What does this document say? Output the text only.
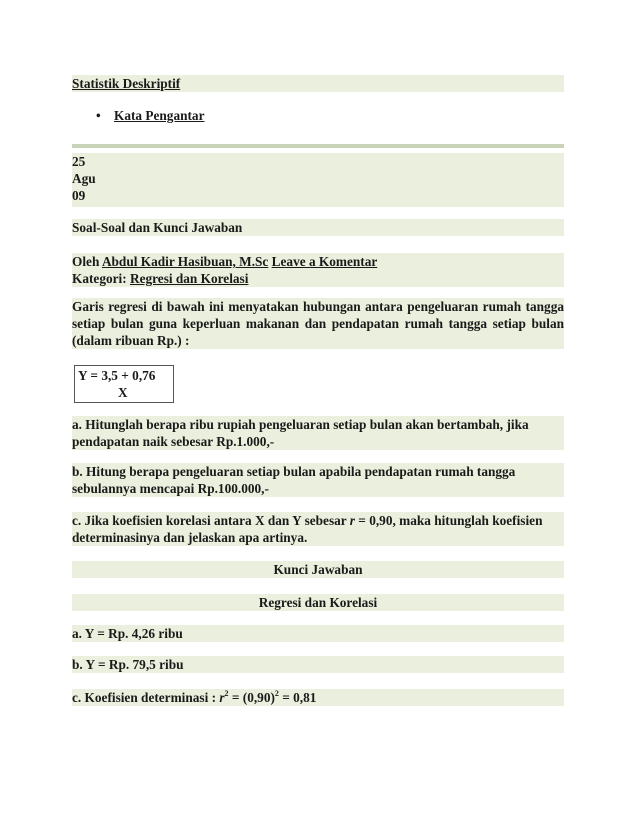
Statistik Deskriptif
• Kata Pengantar
25
Agu
09
Soal-Soal dan Kunci Jawaban
Oleh Abdul Kadir Hasibuan, M.Sc Leave a Komentar
Kategori: Regresi dan Korelasi
Garis regresi di bawah ini menyatakan hubungan antara pengeluaran rumah tangga setiap bulan guna keperluan makanan dan pendapatan rumah tangga setiap bulan (dalam ribuan Rp.) :
Y = 3,5 + 0,76
X
a. Hitunglah berapa ribu rupiah pengeluaran setiap bulan akan bertambah, jika pendapatan naik sebesar Rp.1.000,-
b. Hitung berapa pengeluaran setiap bulan apabila pendapatan rumah tangga sebulannya mencapai Rp.100.000,-
c. Jika koefisien korelasi antara X dan Y sebesar r = 0,90, maka hitunglah koefisien determinasinya dan jelaskan apa artinya.
Kunci Jawaban
Regresi dan Korelasi
a. Y = Rp. 4,26 ribu
b. Y = Rp. 79,5 ribu
c. Koefisien determinasi : $r^2 = (0,90)^2 = 0,81$
